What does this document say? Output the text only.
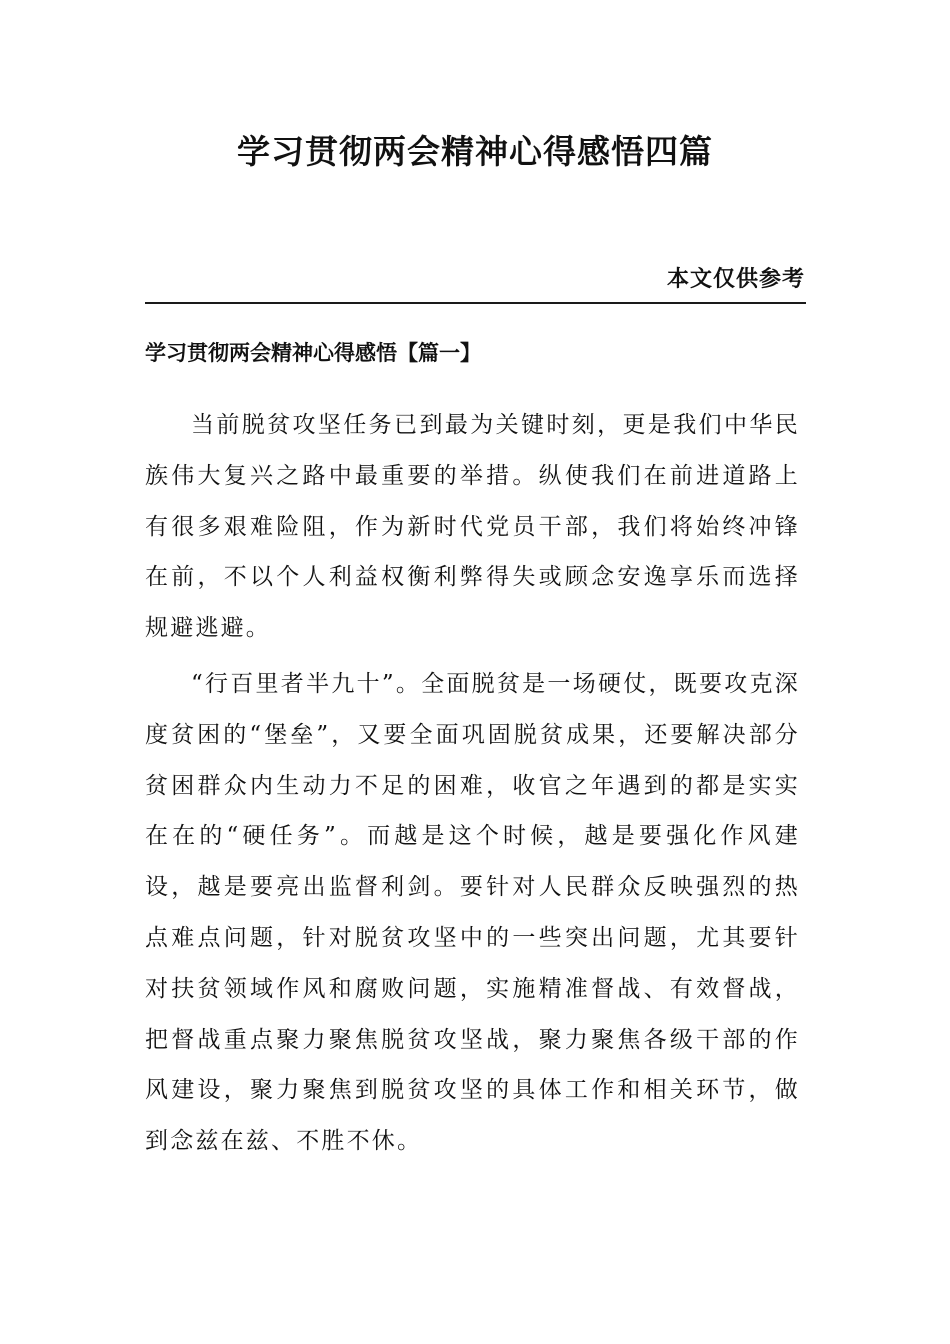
学习贯彻两会精神心得感悟四篇

本文仅供参考

学习贯彻两会精神心得感悟【篇一】

当前脱贫攻坚任务已到最为关键时刻，更是我们中华民族伟大复兴之路中最重要的举措。纵使我们在前进道路上有很多艰难险阻，作为新时代党员干部，我们将始终冲锋在前，不以个人利益权衡利弊得失或顾念安逸享乐而选择规避逃避。

“行百里者半九十”。全面脱贫是一场硬仗，既要攻克深度贫困的“堡垒”，又要全面巩固脱贫成果，还要解决部分贫困群众内生动力不足的困难，收官之年遇到的都是实实在在的“硬任务”。而越是这个时候，越是要强化作风建设，越是要亮出监督利剑。要针对人民群众反映强烈的热点难点问题，针对脱贫攻坚中的一些突出问题，尤其要针对扶贫领域作风和腐败问题，实施精准督战、有效督战，把督战重点聚力聚焦脱贫攻坚战，聚力聚焦各级干部的作风建设，聚力聚焦到脱贫攻坚的具体工作和相关环节，做到念兹在兹、不胜不休。
